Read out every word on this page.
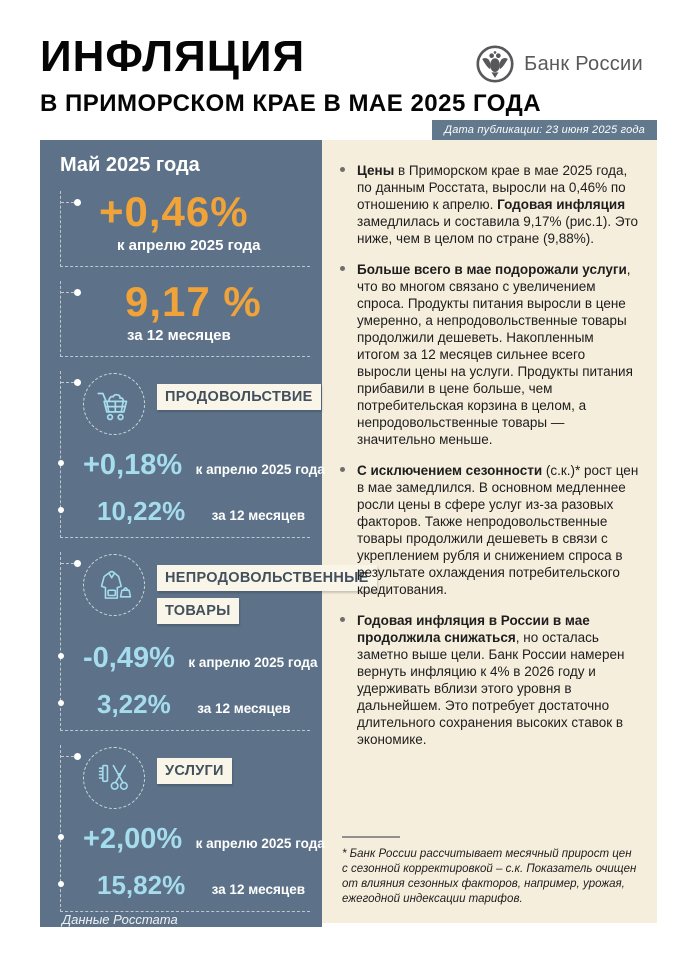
ИНФЛЯЦИЯ
В ПРИМОРСКОМ КРАЕ В МАЕ 2025 ГОДА
Банк России
Дата публикации: 23 июня 2025 года
Май 2025 года
+0,46%
к апрелю 2025 года
9,17 %
за 12 месяцев
ПРОДОВОЛЬСТВИЕ
+0,18% к апрелю 2025 года
10,22% за 12 месяцев
НЕПРОДОВОЛЬСТВЕННЫЕ ТОВАРЫ
-0,49% к апрелю 2025 года
3,22% за 12 месяцев
УСЛУГИ
+2,00% к апрелю 2025 года
15,82% за 12 месяцев
Данные Росстата
Цены в Приморском крае в мае 2025 года, по данным Росстата, выросли на 0,46% по отношению к апрелю. Годовая инфляция замедлилась и составила 9,17% (рис.1). Это ниже, чем в целом по стране (9,88%).
Больше всего в мае подорожали услуги, что во многом связано с увеличением спроса. Продукты питания выросли в цене умеренно, а непродовольственные товары продолжили дешеветь. Накопленным итогом за 12 месяцев сильнее всего выросли цены на услуги. Продукты питания прибавили в цене больше, чем потребительская корзина в целом, а непродовольственные товары — значительно меньше.
С исключением сезонности (с.к.)* рост цен в мае замедлился. В основном медленнее росли цены в сфере услуг из-за разовых факторов. Также непродовольственные товары продолжили дешеветь в связи с укреплением рубля и снижением спроса в результате охлаждения потребительского кредитования.
Годовая инфляция в России в мае продолжила снижаться, но осталась заметно выше цели. Банк России намерен вернуть инфляцию к 4% в 2026 году и удерживать вблизи этого уровня в дальнейшем. Это потребует достаточно длительного сохранения высоких ставок в экономике.
* Банк России рассчитывает месячный прирост цен с сезонной корректировкой – с.к. Показатель очищен от влияния сезонных факторов, например, урожая, ежегодной индексации тарифов.
